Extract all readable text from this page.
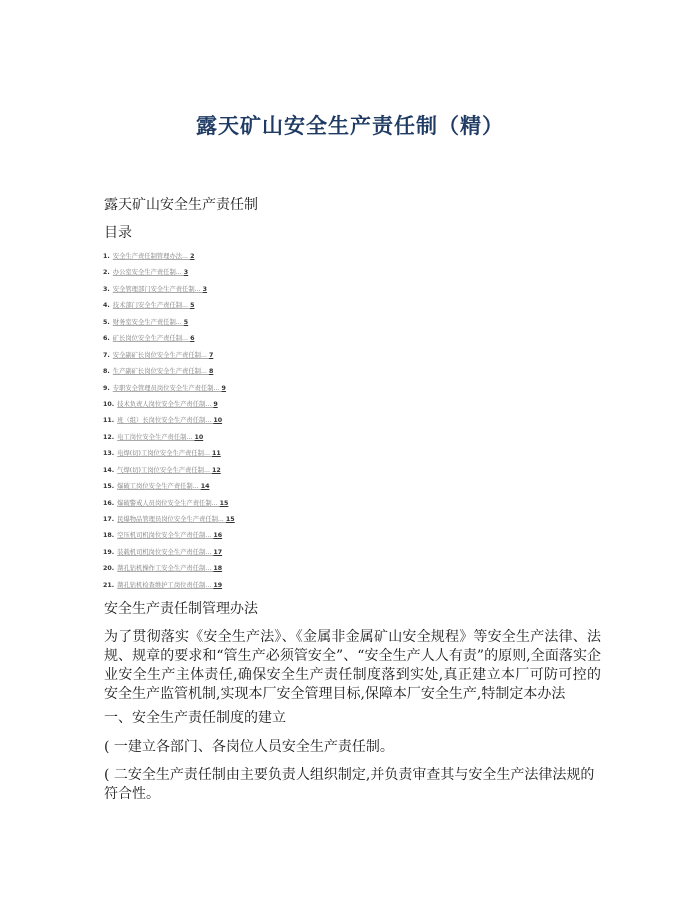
露天矿山安全生产责任制（精）
露天矿山安全生产责任制
目录
1. 安全生产责任制管理办法... 2
2. 办公室安全生产责任制... 3
3. 安全管理部门安全生产责任制... 3
4. 技术部门安全生产责任制... 5
5. 财务室安全生产责任制... 5
6. 矿长岗位安全生产责任制... 6
7. 安全副矿长岗位安全生产责任制... 7
8. 生产副矿长岗位安全生产责任制... 8
9. 专职安全管理员岗位安全生产责任制... 9
10. 技术负责人岗位安全生产责任制... 9
11. 班（组）长岗位安全生产责任制... 10
12. 电工岗位安全生产责任制... 10
13. 电焊(切)工岗位安全生产责任制... 11
14. 气焊(切)工岗位安全生产责任制... 12
15. 爆破工岗位安全生产责任制... 14
16. 爆破警戒人员岗位安全生产责任制... 15
17. 民爆物品管理员岗位安全生产责任制... 15
18. 空压机司机岗位安全生产责任制... 16
19. 装载机司机岗位安全生产责任制... 17
20. 凿孔钻机操作工安全生产责任制... 18
21. 凿孔钻机检查维护工岗位责任制... 19
安全生产责任制管理办法
为了贯彻落实《安全生产法》、《金属非金属矿山安全规程》等安全生产法律、法规、规章的要求和“管生产必须管安全”、“安全生产人人有责”的原则,全面落实企业安全生产主体责任,确保安全生产责任制度落到实处,真正建立本厂可防可控的安全生产监管机制,实现本厂安全管理目标,保障本厂安全生产,特制定本办法
一、安全生产责任制度的建立
( 一建立各部门、各岗位人员安全生产责任制。
( 二安全生产责任制由主要负责人组织制定,并负责审查其与安全生产法律法规的符合性。
